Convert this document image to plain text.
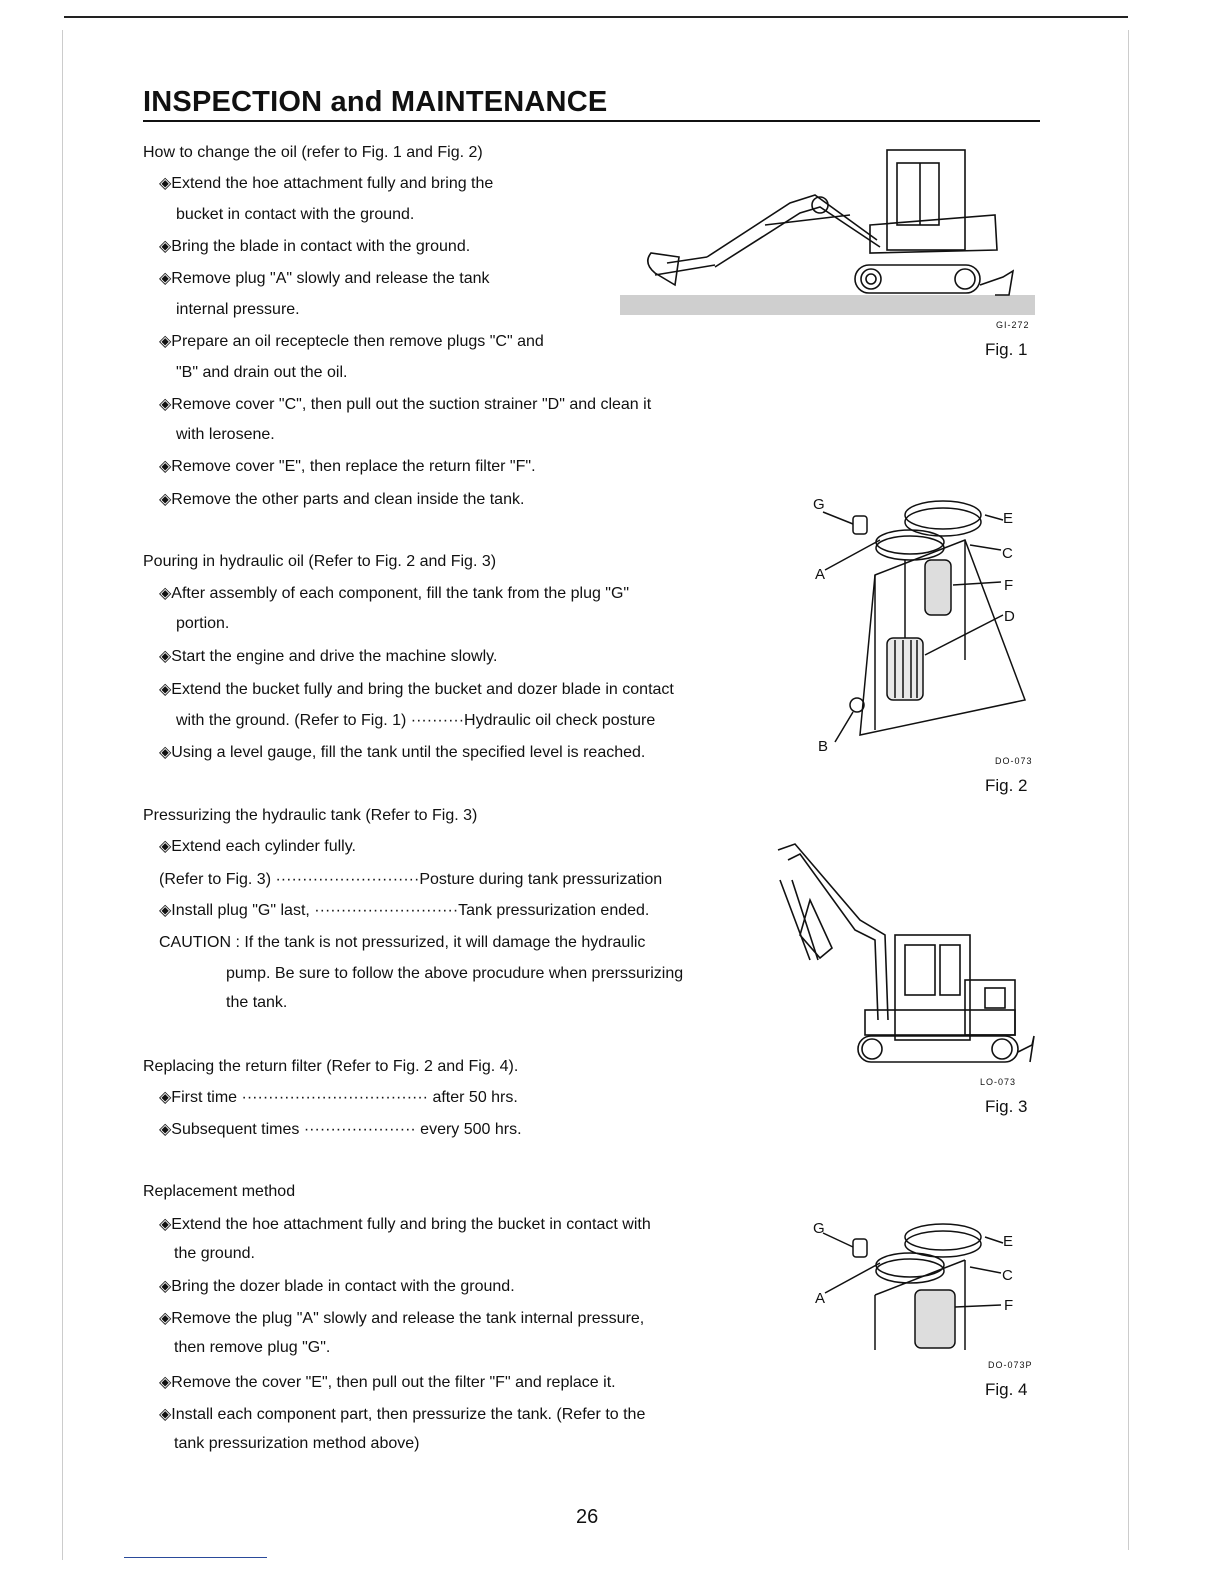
INSPECTION and MAINTENANCE
How to change the oil (refer to Fig. 1 and Fig. 2)
◈Extend the hoe attachment fully and bring the
bucket in contact with the ground.
◈Bring the blade in contact with the ground.
◈Remove plug "A" slowly and release the tank
internal pressure.
◈Prepare an oil receptecle then remove plugs "C" and
"B" and drain out the oil.
◈Remove cover "C", then pull out the suction strainer "D" and clean it
with lerosene.
◈Remove cover "E", then replace the return filter "F".
◈Remove the other parts and clean inside the tank.
Pouring in hydraulic oil (Refer to Fig. 2 and Fig. 3)
◈After assembly of each component, fill the tank from the plug "G"
portion.
◈Start the engine and drive the machine slowly.
◈Extend the bucket fully and bring the bucket and dozer blade in contact
with the ground. (Refer to Fig. 1) ··········Hydraulic oil check posture
◈Using a level gauge, fill the tank until the specified level is reached.
Pressurizing the hydraulic tank (Refer to Fig. 3)
◈Extend each cylinder fully.
(Refer to Fig. 3) ···························Posture during tank pressurization
◈Install plug "G" last, ···························Tank pressurization ended.
CAUTION : If the tank is not pressurized, it will damage the hydraulic
pump. Be sure to follow the above procudure when prerssurizing
the tank.
Replacing the return filter (Refer to Fig. 2 and Fig. 4).
◈First time ··································· after 50 hrs.
◈Subsequent times ····················· every 500 hrs.
Replacement method
◈Extend the hoe attachment fully and bring the bucket in contact with
the ground.
◈Bring the dozer blade in contact with the ground.
◈Remove the plug "A" slowly and release the tank internal pressure,
then remove plug "G".
◈Remove the cover "E", then pull out the filter "F" and replace it.
◈Install each component part, then pressurize the tank. (Refer to the
tank pressurization method above)
GI-272
Fig. 1
G
E
C
A
F
D
B
DO-073
Fig. 2
LO-073
Fig. 3
G
E
C
A	F
DO-073P
Fig. 4
26
